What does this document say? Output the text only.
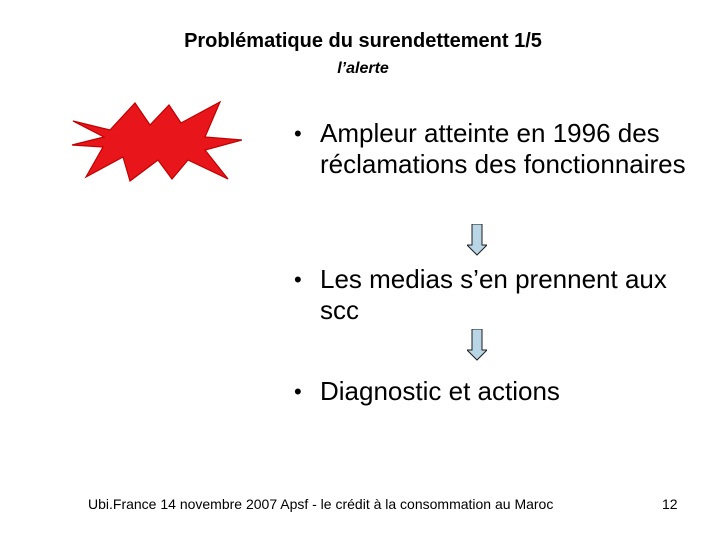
Problématique du surendettement 1/5
l’alerte
• Ampleur atteinte en 1996 des réclamations des fonctionnaires
• Les medias s’en prennent aux scc
• Diagnostic et actions
Ubi.France 14 novembre 2007 Apsf - le crédit à la consommation au Maroc	12
